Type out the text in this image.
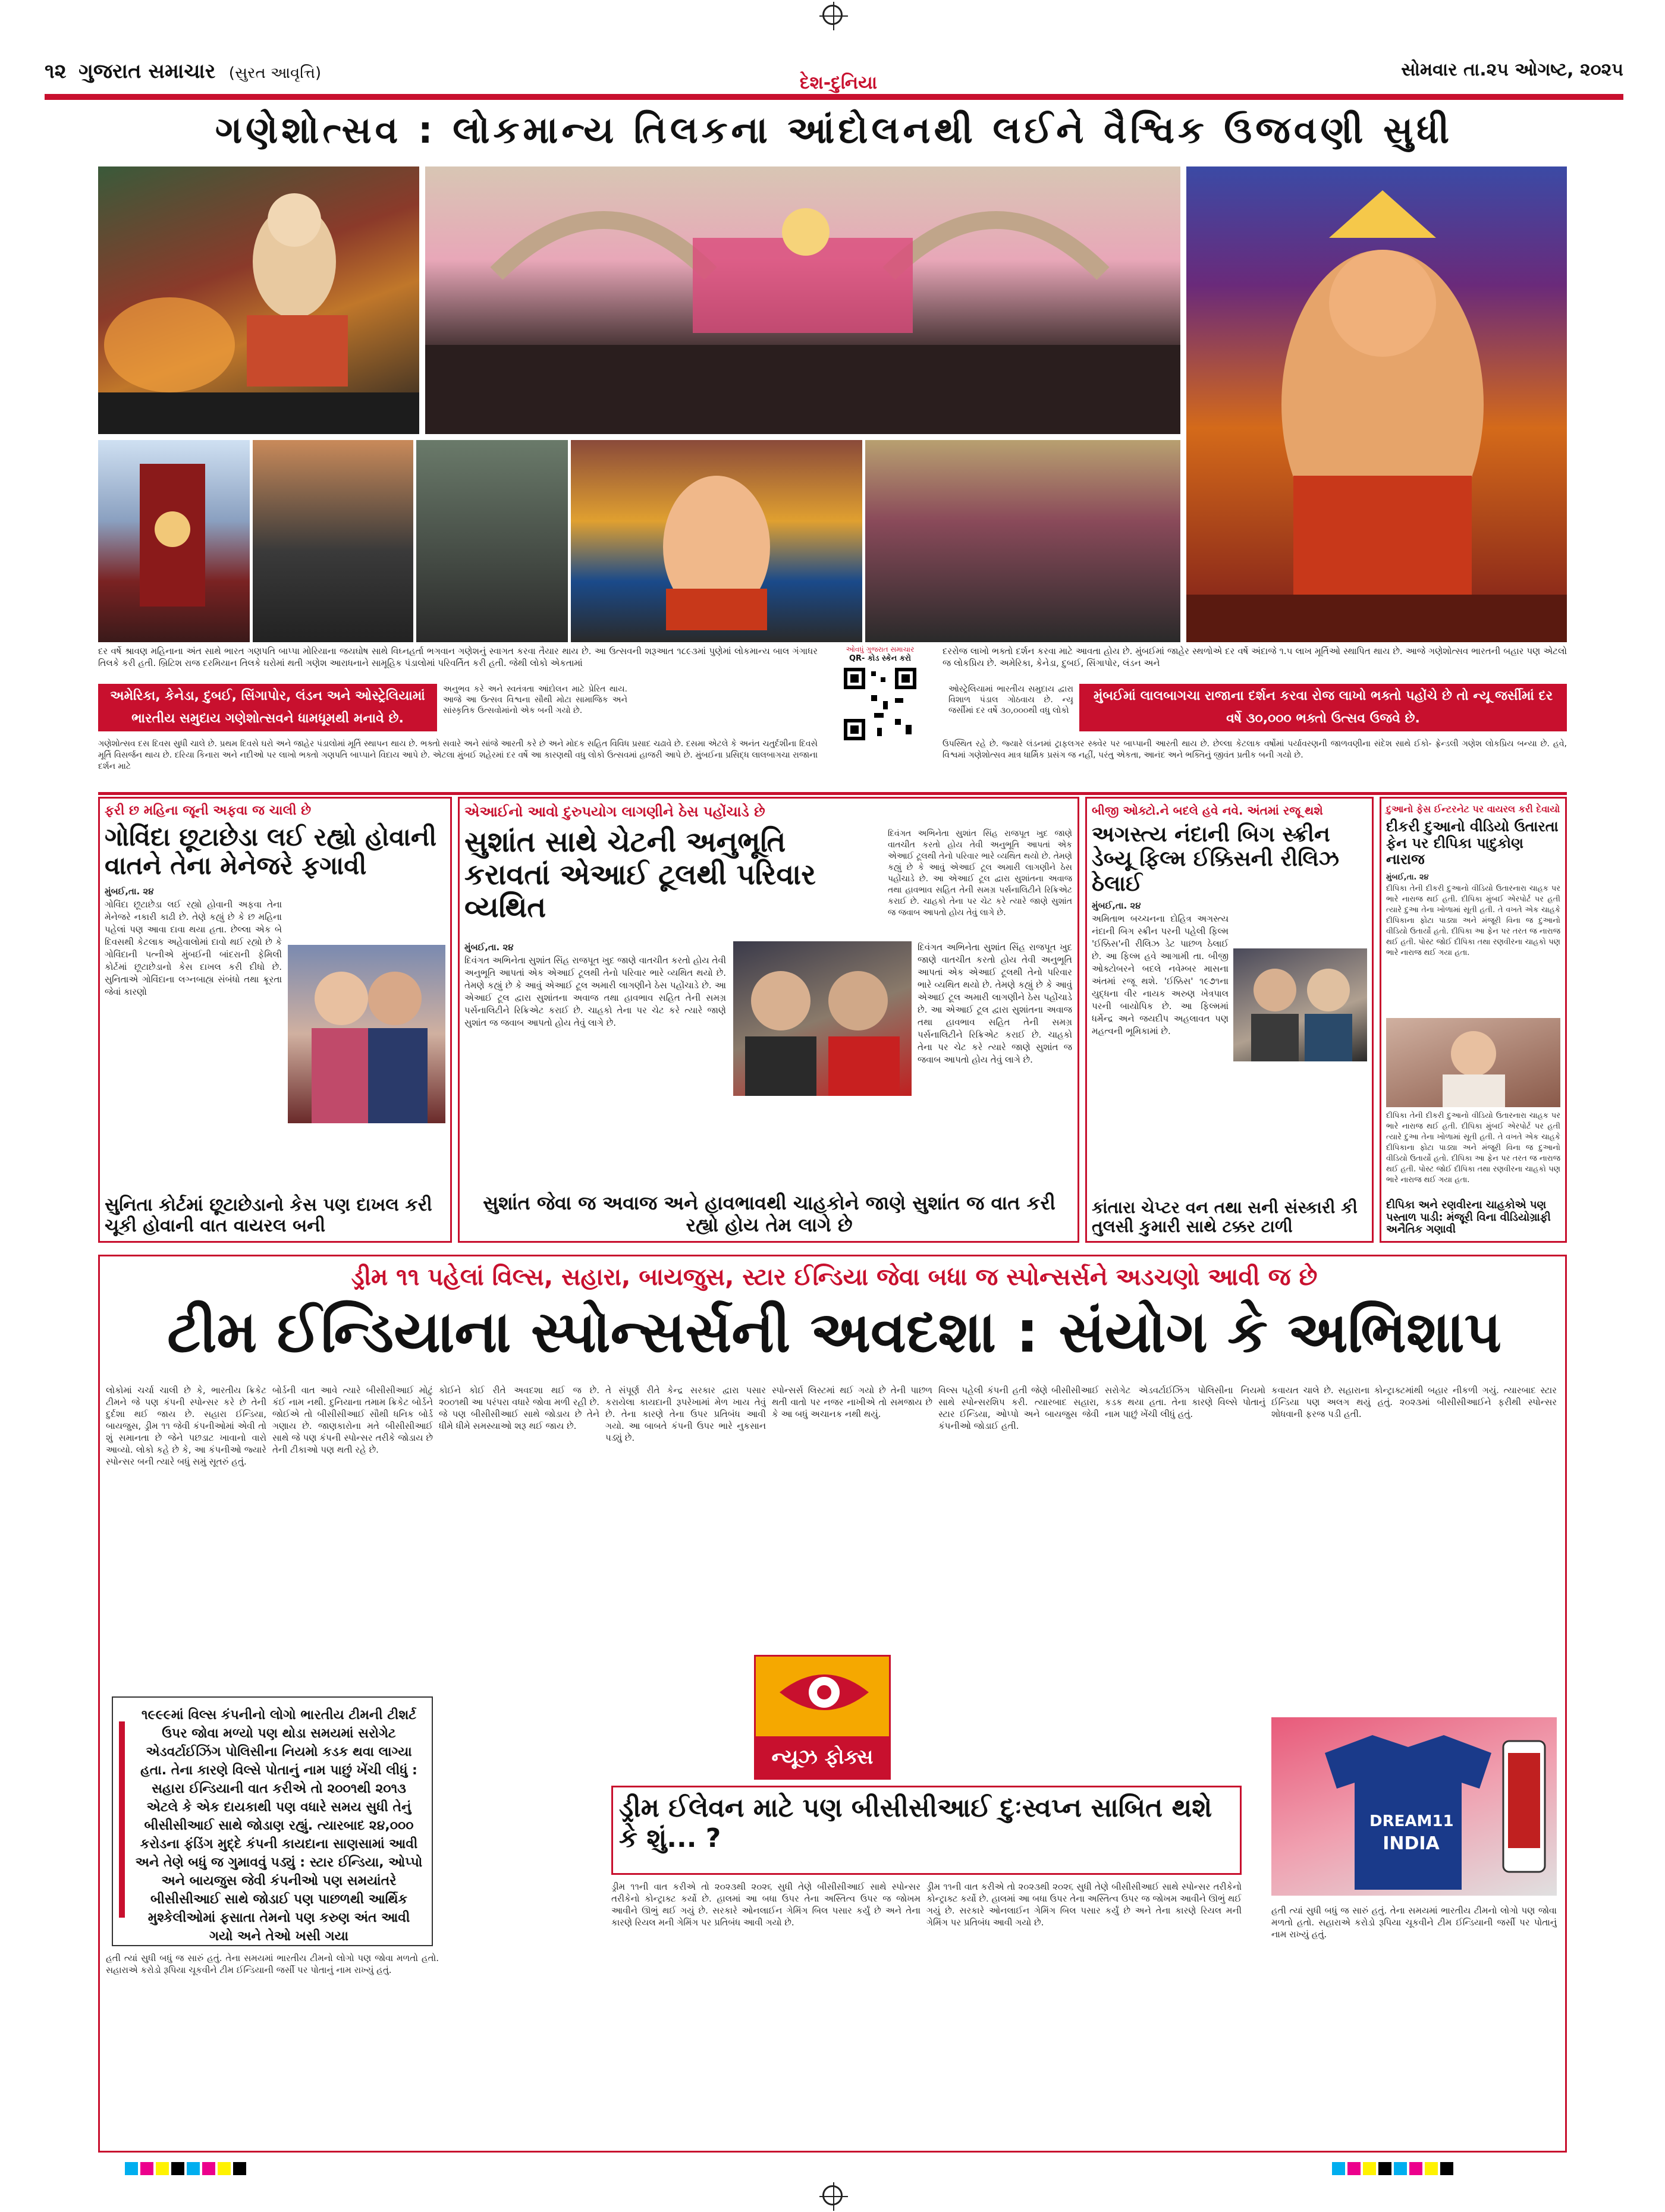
૧૨ ગુજરાત સમાચાર (સુરત આવૃત્તિ)	દેશ-દુનિયા
સોમવાર તા.૨૫ ઓગષ્ટ, ૨૦૨૫
ગણેશોત્સવ : લોકમાન્ય તિલકના આંદોલનથી લઈને વૈશ્વિક ઉજવણી સુધી
દર વર્ષે શ્રાવણ મહિનાના અંત સાથે ભારત ગણપતિ બાપ્પા મોરિયાના જયઘોષ સાથે વિઘ્નહર્તા ભગવાન ગણેશનું સ્વાગત કરવા તૈયાર થાય છે. આ ઉત્સવની શરૂઆત ૧૮૯૩માં પુણેમાં લોકમાન્ય બાલ ગંગાધર તિલકે કરી હતી. બ્રિટિશ રાજ દરમિયાન તિલકે ઘરોમાં થતી ગણેશ આરાધનાને સામૂહિક પંડાલોમાં પરિવર્તિત કરી હતી. જેથી લોકો એકતામાં
ઓવધું ગુજરાત સમાચાર
QR- કોડ સ્કેન કરો
દરરોજ લાખો ભક્તો દર્શન કરવા માટે આવતા હોય છે. મુંબઈમાં જાહેર સ્થળોએ દર વર્ષે અંદાજે ૧.૫ લાખ મૂર્તિઓ સ્થાપિત થાય છે. આજે ગણેશોત્સવ ભારતની બહાર પણ એટલો જ લોકપ્રિય છે. અમેરિકા, કેનેડા, દુબઈ, સિંગાપોર, લંડન અને
અમેરિકા, કેનેડા, દુબઈ, સિંગાપોર, લંડન અને ઓસ્ટ્રેલિયામાં ભારતીય સમુદાય ગણેશોત્સવને ધામધૂમથી મનાવે છે.
અનુભવ કરે અને સ્વતંત્રતા આંદોલન માટે પ્રેરિત થાય. આજે આ ઉત્સવ વિશ્વના સૌથી મોટા સામાજિક અને સાંસ્કૃતિક ઉત્સવોમાંનો એક બની ગયો છે.
ઓસ્ટ્રેલિયામાં ભારતીય સમુદાય દ્વારા વિશાળ પંડાલ ગોઠવાય છે. ન્યૂ જર્સીમાં દર વર્ષે ૩૦,૦૦૦થી વધુ લોકો
મુંબઈમાં લાલબાગચા રાજાના દર્શન કરવા રોજ લાખો ભક્તો પહોંચે છે તો ન્યૂ જર્સીમાં દર વર્ષે ૩૦,૦૦૦ ભક્તો ઉત્સવ ઉજવે છે.
ગણેશોત્સવ દસ દિવસ સુધી ચાલે છે. પ્રથમ દિવસે ઘરો અને જાહેર પંડાલોમાં મૂર્તિ સ્થાપન થાય છે. ભક્તો સવારે અને સાંજે આરતી કરે છે અને મોદક સહિત વિવિધ પ્રસાદ ચઢાવે છે. દસમા એટલે કે અનંત ચતુર્દશીના દિવસે મૂર્તિ વિસર્જન થાય છે. દરિયા કિનારા અને નદીઓ પર લાખો ભક્તો ગણપતિ બાપ્પાને વિદાય આપે છે. એટલા મુંબઈ શહેરમાં દર વર્ષે આ કારણથી વધુ લોકો ઉત્સવમાં હાજરી આપે છે. મુંબઈના પ્રસિદ્ધ લાલબાગચા રાજાના દર્શન માટે
ઉપસ્થિત રહે છે. જ્યારે લંડનમાં ટ્રાફલગર સ્ક્વેર પર બાપ્પાની આરતી થાય છે. છેલ્લા કેટલાક વર્ષોમાં પર્યાવરણની જાળવણીના સંદેશ સાથે ઈકો- ફ્રેન્ડલી ગણેશ લોકપ્રિય બન્યા છે. હવે, વિશ્વમાં ગણેશોત્સવ માત્ર ધાર્મિક પ્રસંગ જ નહીં, પરંતુ એકતા, આનંદ અને ભક્તિનું જીવંત પ્રતીક બની ગયો છે.
ફરી છ મહિના જૂની અફવા જ ચાલી છે
ગોવિંદા છૂટાછેડા લઈ રહ્યો હોવાની વાતને તેના મેનેજરે ફગાવી
મુંબઈ,તા. ૨૪
ગોવિંદા છૂટાછેડા લઈ રહ્યો હોવાની અફવા તેના મેનેજરે નકારી કાઢી છે. તેણે કહ્યું છે કે છ મહિના પહેલાં પણ આવા દાવા થયા હતા. છેલ્લા એક બે દિવસથી કેટલાક અહેવાલોમાં દાવો થઈ રહ્યો છે કે ગોવિંદાની પત્નીએ મુંબઈની બાંદરાની ફેમિલી કોર્ટમાં છૂટાછેડાનો કેસ દાખલ કરી દીધો છે. સુનિતાએ ગોવિંદાના લગ્નબાહ્ય સંબંધો તથા ક્રૂરતા જેવાં કારણો
સુનિતા કોર્ટમાં છૂટાછેડાનો કેસ પણ દાખલ કરી ચૂકી હોવાની વાત વાયરલ બની
એઆઈનો આવો દુરુપયોગ લાગણીને ઠેસ પહોંચાડે છે
સુશાંત સાથે ચેટની અનુભૂતિ કરાવતાં એઆઈ ટૂલથી પરિવાર વ્યથિત
દિવંગત અભિનેતા સુશાંત સિંહ રાજપૂત ખુદ જાણે વાતચીત કરતો હોય તેવી અનુભૂતિ આપતાં એક એઆઈ ટૂલથી તેનો પરિવાર ભારે વ્યથિત થયો છે. તેમણે કહ્યું છે કે આવું એઆઈ ટૂલ અમારી લાગણીને ઠેસ પહોંચાડે છે. આ એઆઈ ટૂલ દ્વારા સુશાંતના અવાજ તથા હાવભાવ સહિત તેની સમગ્ર પર્સનાલિટીને રિક્રિએટ કરાઈ છે. ચાહકો તેના પર ચેટ કરે ત્યારે જાણે સુશાંત જ જવાબ આપતો હોય તેવું લાગે છે.
મુંબઈ,તા. ૨૪
દિવંગત અભિનેતા સુશાંત સિંહ રાજપૂત ખુદ જાણે વાતચીત કરતો હોય તેવી અનુભૂતિ આપતાં એક એઆઈ ટૂલથી તેનો પરિવાર ભારે વ્યથિત થયો છે. તેમણે કહ્યું છે કે આવું એઆઈ ટૂલ અમારી લાગણીને ઠેસ પહોંચાડે છે. આ એઆઈ ટૂલ દ્વારા સુશાંતના અવાજ તથા હાવભાવ સહિત તેની સમગ્ર પર્સનાલિટીને રિક્રિએટ કરાઈ છે. ચાહકો તેના પર ચેટ કરે ત્યારે જાણે સુશાંત જ જવાબ આપતો હોય તેવું લાગે છે.
દિવંગત અભિનેતા સુશાંત સિંહ રાજપૂત ખુદ જાણે વાતચીત કરતો હોય તેવી અનુભૂતિ આપતાં એક એઆઈ ટૂલથી તેનો પરિવાર ભારે વ્યથિત થયો છે. તેમણે કહ્યું છે કે આવું એઆઈ ટૂલ અમારી લાગણીને ઠેસ પહોંચાડે છે. આ એઆઈ ટૂલ દ્વારા સુશાંતના અવાજ તથા હાવભાવ સહિત તેની સમગ્ર પર્સનાલિટીને રિક્રિએટ કરાઈ છે. ચાહકો તેના પર ચેટ કરે ત્યારે જાણે સુશાંત જ જવાબ આપતો હોય તેવું લાગે છે.
સુશાંત જેવા જ અવાજ અને હાવભાવથી ચાહકોને જાણે સુશાંત જ વાત કરી રહ્યો હોય તેમ લાગે છે
બીજી ઓક્ટો.ને બદલે હવે નવે. અંતમાં રજૂ થશે
અગસ્ત્ય નંદાની બિગ સ્ક્રીન ડેબ્યૂ ફિલ્મ ઈક્કિસની રીલિઝ ઠેલાઈ
મુંબઈ,તા. ૨૪
અમિતાભ બચ્ચનના દોહિત્ર અગસ્ત્ય નંદાની બિગ સ્ક્રીન પરની પહેલી ફિલ્મ 'ઈક્કિસ'ની રીલિઝ ડેટ પાછળ ઠેલાઈ છે. આ ફિલ્મ હવે આગામી તા. બીજી ઓક્ટોબરને બદલે નવેમ્બર માસના અંતમાં રજૂ થશે. 'ઈક્કિસ' ૧૯૭૧ના યુદ્ધના વીર નાયક અરુણ ખેત્રપાલ પરની બાયોપિક છે. આ ફિલ્મમાં ધર્મેન્દ્ર અને જયદીપ અહલાવત પણ મહત્વની ભૂમિકામાં છે.
કાંતારા ચેપ્ટર વન તથા સની સંસ્કારી કી તુલસી કુમારી સાથે ટક્કર ટાળી
દુઆનો ફેસ ઈન્ટરનેટ પર વાયરલ કરી દેવાયો
દીકરી દુઆનો વીડિયો ઉતારતા ફેન પર દીપિકા પાદુકોણ નારાજ
મુંબઈ,તા. ૨૪
દીપિકા તેની દીકરી દુઆનો વીડિયો ઉતારનારા ચાહક પર ભારે નારાજ થઈ હતી. દીપિકા મુંબઈ એરપોર્ટ પર હતી ત્યારે દુઆ તેના ખોળામાં સૂતી હતી. તે વખતે એક ચાહકે દીપિકાના ફોટા પાડ્યા અને મંજૂરી વિના જ દુઆનો વીડિયો ઉતાર્યો હતો. દીપિકા આ ફેન પર તરત જ નારાજ થઈ હતી. પોસ્ટ જોઈ દીપિકા તથા રણવીરના ચાહકો પણ ભારે નારાજ થઈ ગયા હતા.
દીપિકા તેની દીકરી દુઆનો વીડિયો ઉતારનારા ચાહક પર ભારે નારાજ થઈ હતી. દીપિકા મુંબઈ એરપોર્ટ પર હતી ત્યારે દુઆ તેના ખોળામાં સૂતી હતી. તે વખતે એક ચાહકે દીપિકાના ફોટા પાડ્યા અને મંજૂરી વિના જ દુઆનો વીડિયો ઉતાર્યો હતો. દીપિકા આ ફેન પર તરત જ નારાજ થઈ હતી. પોસ્ટ જોઈ દીપિકા તથા રણવીરના ચાહકો પણ ભારે નારાજ થઈ ગયા હતા.
દીપિકા અને રણવીરના ચાહકોએ પણ પસ્તાળ પાડી: મંજૂરી વિના વીડિયોગ્રાફી અનૈતિક ગણાવી
ડ્રીમ ૧૧ પહેલાં વિલ્સ, સહારા, બાયજુસ, સ્ટાર ઈન્ડિયા જેવા બધા જ સ્પોન્સર્સને અડચણો આવી જ છે
ટીમ ઈન્ડિયાના સ્પોન્સર્સની અવદશા : સંયોગ કે અભિશાપ
લોકોમાં ચર્ચા ચાલી છે કે, ભારતીય ક્રિકેટ ટીમને જે પણ કંપની સ્પોન્સર કરે છે તેની દુર્દશા થઈ જાય છે. સહારા ઈન્ડિયા, બાયજુસ, ડ્રીમ ૧૧ જેવી કંપનીઓમાં એવી તો શું સમાનતા છે જેને પછડાટ ખાવાનો વારો આવ્યો. લોકો કહે છે કે, આ કંપનીઓ જ્યારે સ્પોન્સર બની ત્યારે બધું સમું સૂતરું હતું.
બોર્ડની વાત આવે ત્યારે બીસીસીઆઈ મોટું કંઈ નામ નથી. દુનિયાના તમામ ક્રિકેટ બોર્ડને જોઈએ તો બીસીસીઆઈ સૌથી ધનિક બોર્ડ ગણાય છે. જાણકારોના મતે બીસીસીઆઈ સાથે જે પણ કંપની સ્પોન્સર તરીકે જોડાય છે તેની ટીકાઓ પણ થતી રહે છે.
કોઈને કોઈ રીતે અવદશા થઈ જ છે. ૨૦૦૧થી આ પરંપરા વધારે જોવા મળી રહી છે. જે પણ બીસીસીઆઈ સાથે જોડાય છે તેને ધીમે ધીમે સમસ્યાઓ શરૂ થઈ જાય છે.
તે સંપૂર્ણ રીતે કેન્દ્ર સરકાર દ્વારા પસાર કરાયેલા કાયદાની રૂપરેખામાં મેળ ખાય તેવું છે. તેના કારણે તેના ઉપર પ્રતિબંધ આવી ગયો. આ બાબતે કંપની ઉપર ભારે નુકસાન પડ્યું છે.
સ્પોન્સર્સ લિસ્ટમાં થઈ ગયો છે તેની પાછળ થતી વાતો પર નજર નાખીએ તો સમજાય છે કે આ બધું અચાનક નથી થયું.
વિલ્સ પહેલી કંપની હતી જેણે બીસીસીઆઈ સાથે સ્પોન્સરશિપ કરી. ત્યારબાદ સહારા, સ્ટાર ઈન્ડિયા, ઓપ્પો અને બાયજુસ જેવી કંપનીઓ જોડાઈ હતી.
સરોગેટ એડવર્ટાઈઝિંગ પોલિસીના નિયમો કડક થયા હતા. તેના કારણે વિલ્સે પોતાનું નામ પાછું ખેંચી લીધું હતું.
કવાયત ચાલે છે. સહારાના કોન્ટ્રાક્ટમાંથી બહાર નીકળી ગયું. ત્યારબાદ સ્ટાર ઈન્ડિયા પણ અલગ થયું હતું. ૨૦૨૩માં બીસીસીઆઈને ફરીથી સ્પોન્સર શોધવાની ફરજ પડી હતી.
૧૯૯૯માં વિલ્સ કંપનીનો લોગો ભારતીય ટીમની ટીશર્ટ ઉપર જોવા મળ્યો પણ થોડા સમયમાં સરોગેટ એડવર્ટાઈઝિંગ પોલિસીના નિયમો કડક થવા લાગ્યા હતા. તેના કારણે વિલ્સે પોતાનું નામ પાછું ખેંચી લીધું : સહારા ઈન્ડિયાની વાત કરીએ તો ૨૦૦૧થી ૨૦૧૩ એટલે કે એક દાયકાથી પણ વધારે સમય સુધી તેનું બીસીસીઆઈ સાથે જોડાણ રહ્યું. ત્યારબાદ ૨૪,૦૦૦ કરોડના ફંડિંગ મુદ્દે કંપની કાયદાના સાણસામાં આવી અને તેણે બધું જ ગુમાવવું પડ્યું : સ્ટાર ઈન્ડિયા, ઓપ્પો અને બાયજુસ જેવી કંપનીઓ પણ સમયાંતરે બીસીસીઆઈ સાથે જોડાઈ પણ પાછળથી આર્થિક મુશ્કેલીઓમાં ફસાતા તેમનો પણ કરુણ અંત આવી ગયો અને તેઓ ખસી ગયા
ન્યૂઝ ફોક્સ
ડ્રીમ ઈલેવન માટે પણ બીસીસીઆઈ દુઃસ્વપ્ન સાબિત થશે કે શું... ?
ડ્રીમ ૧૧ની વાત કરીએ તો ૨૦૨૩થી ૨૦૨૬ સુધી તેણે બીસીસીઆઈ સાથે સ્પોન્સર તરીકેનો કોન્ટ્રાક્ટ કર્યો છે. હાલમાં આ બધા ઉપર તેના અસ્તિત્વ ઉપર જ જોખમ આવીને ઊભું થઈ ગયું છે. સરકારે ઓનલાઈન ગેમિંગ બિલ પસાર કર્યું છે અને તેના કારણે રિયલ મની ગેમિંગ પર પ્રતિબંધ આવી ગયો છે.
ડ્રીમ ૧૧ની વાત કરીએ તો ૨૦૨૩થી ૨૦૨૬ સુધી તેણે બીસીસીઆઈ સાથે સ્પોન્સર તરીકેનો કોન્ટ્રાક્ટ કર્યો છે. હાલમાં આ બધા ઉપર તેના અસ્તિત્વ ઉપર જ જોખમ આવીને ઊભું થઈ ગયું છે. સરકારે ઓનલાઈન ગેમિંગ બિલ પસાર કર્યું છે અને તેના કારણે રિયલ મની ગેમિંગ પર પ્રતિબંધ આવી ગયો છે.
DREAM11
INDIA
હતી ત્યાં સુધી બધું જ સારું હતું. તેના સમયમાં ભારતીય ટીમનો લોગો પણ જોવા મળતો હતો. સહારાએ કરોડો રૂપિયા ચૂકવીને ટીમ ઈન્ડિયાની જર્સી પર પોતાનું નામ રાખ્યું હતું.
હતી ત્યાં સુધી બધું જ સારું હતું. તેના સમયમાં ભારતીય ટીમનો લોગો પણ જોવા મળતો હતો. સહારાએ કરોડો રૂપિયા ચૂકવીને ટીમ ઈન્ડિયાની જર્સી પર પોતાનું નામ રાખ્યું હતું.
